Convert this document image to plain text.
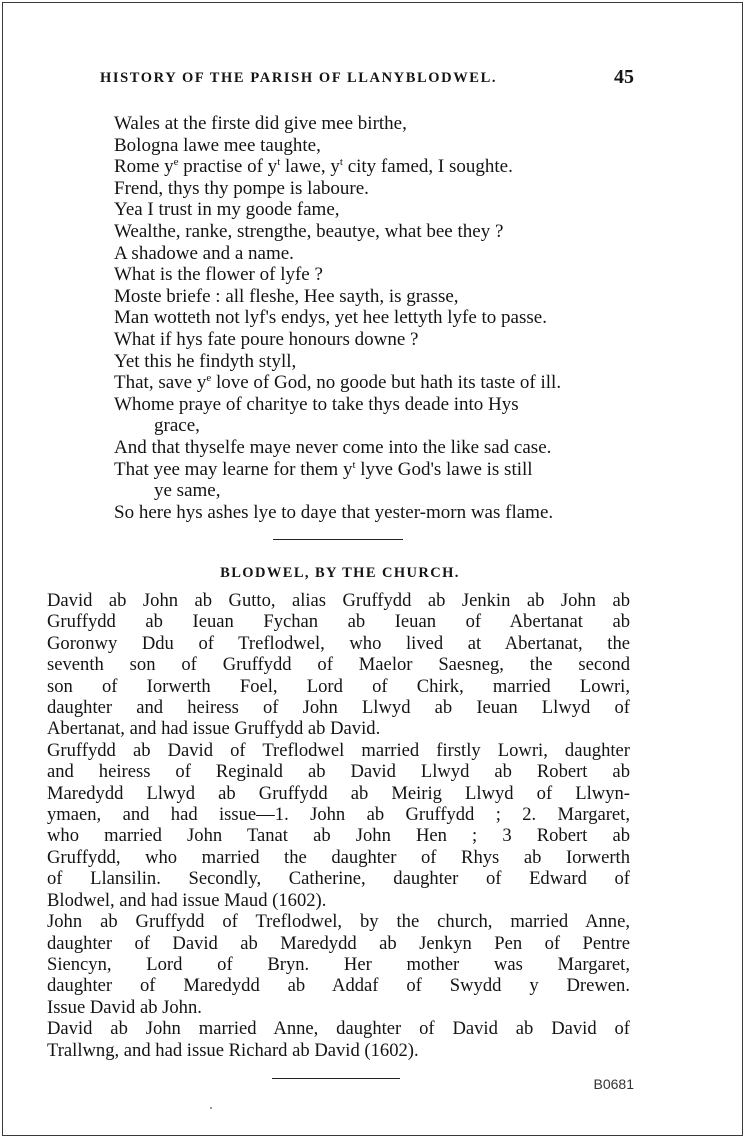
HISTORY OF THE PARISH OF LLANYBLODWEL.	45
Wales at the firste did give mee birthe,
Bologna lawe mee taughte,
Rome $y^e$ practise of $y^t$ lawe, $y^t$ city famed, I soughte.
Frend, thys thy pompe is laboure.
Yea I trust in my goode fame,
Wealthe, ranke, strengthe, beautye, what bee they ?
A shadowe and a name.
What is the flower of lyfe ?
Moste briefe : all fleshe, Hee sayth, is grasse,
Man wotteth not lyf's endys, yet hee lettyth lyfe to passe.
What if hys fate poure honours downe ?
Yet this he findyth styll,
That, save $y^e$ love of God, no goode but hath its taste of ill.
Whome praye of charitye to take thys deade into Hys
grace,
And that thyselfe maye never come into the like sad case.
That yee may learne for them $y^t$ lyve God's lawe is still
ye same,
So here hys ashes lye to daye that yester-morn was flame.
BLODWEL, BY THE CHURCH.
David ab John ab Gutto, alias Gruffydd ab Jenkin ab John ab
Gruffydd ab Ieuan Fychan ab Ieuan of Abertanat ab
Goronwy Ddu of Treflodwel, who lived at Abertanat, the
seventh son of Gruffydd of Maelor Saesneg, the second
son of Iorwerth Foel, Lord of Chirk, married Lowri,
daughter and heiress of John Llwyd ab Ieuan Llwyd of
Abertanat, and had issue Gruffydd ab David.
Gruffydd ab David of Treflodwel married firstly Lowri, daughter
and heiress of Reginald ab David Llwyd ab Robert ab
Maredydd Llwyd ab Gruffydd ab Meirig Llwyd of Llwyn-
ymaen, and had issue—1. John ab Gruffydd ; 2. Margaret,
who married John Tanat ab John Hen ; 3 Robert ab
Gruffydd, who married the daughter of Rhys ab Iorwerth
of Llansilin. Secondly, Catherine, daughter of Edward of
Blodwel, and had issue Maud (1602).
John ab Gruffydd of Treflodwel, by the church, married Anne,
daughter of David ab Maredydd ab Jenkyn Pen of Pentre
Siencyn, Lord of Bryn. Her mother was Margaret,
daughter of Maredydd ab Addaf of Swydd y Drewen.
Issue David ab John.
David ab John married Anne, daughter of David ab David of
Trallwng, and had issue Richard ab David (1602).
B0681
